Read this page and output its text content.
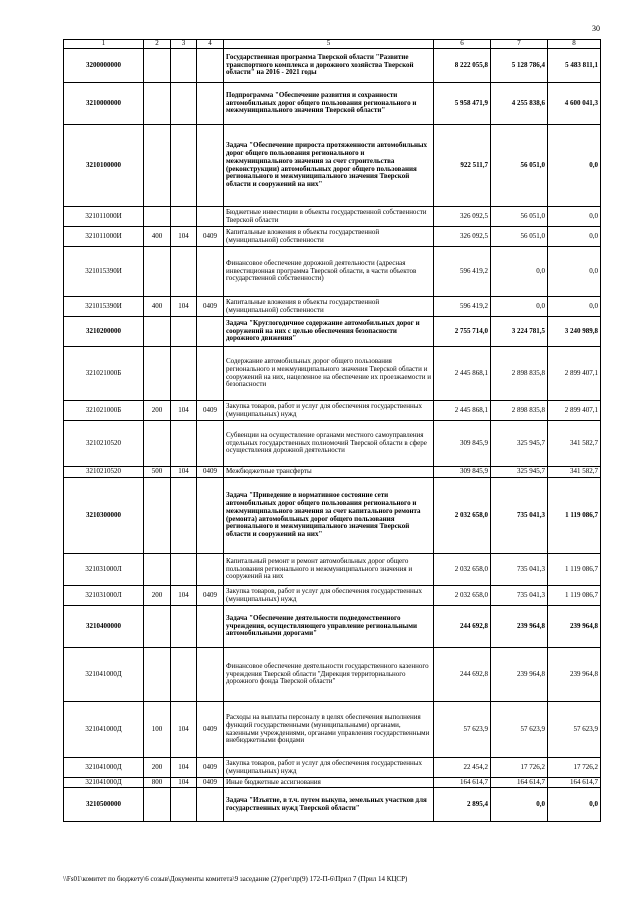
30
1	2	3	4	5	6	7	8
3200000000				Государственная программа Тверской области "Развитие транспортного комплекса и дорожного хозяйства Тверской области" на 2016 - 2021 годы	8 222 055,8	5 128 786,4	5 483 811,1
3210000000				Подпрограмма "Обеспечение развития и сохранности автомобильных дорог общего пользования регионального и межмуниципального значения Тверской области"	5 958 471,9	4 255 838,6	4 600 041,3
3210100000				Задача "Обеспечение прироста протяженности автомобильных дорог общего пользования регионального и межмуниципального значения за счет строительства (реконструкции) автомобильных дорог общего пользования регионального и межмуниципального значения Тверской области и сооружений на них"	922 511,7	56 051,0	0,0
321011000И				Бюджетные инвестиции в объекты государственной собственности Тверской области	326 092,5	56 051,0	0,0
321011000И	400	104	0409	Капитальные вложения в объекты государственной (муниципальной) собственности	326 092,5	56 051,0	0,0
321015390И				Финансовое обеспечение дорожной деятельности (адресная инвестиционная программа Тверской области, в части объектов государственной собственности)	596 419,2	0,0	0,0
321015390И	400	104	0409	Капитальные вложения в объекты государственной (муниципальной) собственности	596 419,2	0,0	0,0
3210200000				Задача "Круглогодичное содержание автомобильных дорог и сооружений на них с целью обеспечения безопасности дорожного движения"	2 755 714,0	3 224 781,5	3 240 989,8
321021000Б				Содержание автомобильных дорог общего пользования регионального и межмуниципального значения Тверской области и сооружений на них, нацеленное на обеспечение их проезжаемости и безопасности	2 445 868,1	2 898 835,8	2 899 407,1
321021000Б	200	104	0409	Закупка товаров, работ и услуг для обеспечения государственных (муниципальных) нужд	2 445 868,1	2 898 835,8	2 899 407,1
3210210520				Субвенции на осуществление органами местного самоуправления отдельных государственных полномочий Тверской области в сфере осуществления дорожной деятельности	309 845,9	325 945,7	341 582,7
3210210520	500	104	0409	Межбюджетные трансферты	309 845,9	325 945,7	341 582,7
3210300000				Задача "Приведение в нормативное состояние сети автомобильных дорог общего пользования регионального и межмуниципального значения за счет капитального ремонта (ремонта) автомобильных дорог общего пользования регионального и межмуниципального значения Тверской области и сооружений на них"	2 032 658,0	735 041,3	1 119 086,7
321031000Л				Капитальный ремонт и ремонт автомобильных дорог общего пользования регионального и межмуниципального значения и сооружений на них	2 032 658,0	735 041,3	1 119 086,7
321031000Л	200	104	0409	Закупка товаров, работ и услуг для обеспечения государственных (муниципальных) нужд	2 032 658,0	735 041,3	1 119 086,7
3210400000				Задача "Обеспечение деятельности подведомственного учреждения, осуществляющего управление региональными автомобильными дорогами"	244 692,8	239 964,8	239 964,8
321041000Д				Финансовое обеспечение деятельности государственного казенного учреждения Тверской области "Дирекция территориального дорожного фонда Тверской области"	244 692,8	239 964,8	239 964,8
321041000Д	100	104	0409	Расходы на выплаты персоналу в целях обеспечения выполнения функций государственными (муниципальными) органами, казенными учреждениями, органами управления государственными внебюджетными фондами	57 623,9	57 623,9	57 623,9
321041000Д	200	104	0409	Закупка товаров, работ и услуг для обеспечения государственных (муниципальных) нужд	22 454,2	17 726,2	17 726,2
321041000Д	800	104	0409	Иные бюджетные ассигнования	164 614,7	164 614,7	164 614,7
3210500000				Задача "Изъятие, в т.ч. путем выкупа, земельных участков для государственных нужд Тверской области"	2 895,4	0,0	0,0
\\Fs01\комитет по бюджету\6 созыв\Документы комитета\9 заседание (2)\рег\пр(9) 172-П-6\Прил 7 (Прил 14 КЦСР)
